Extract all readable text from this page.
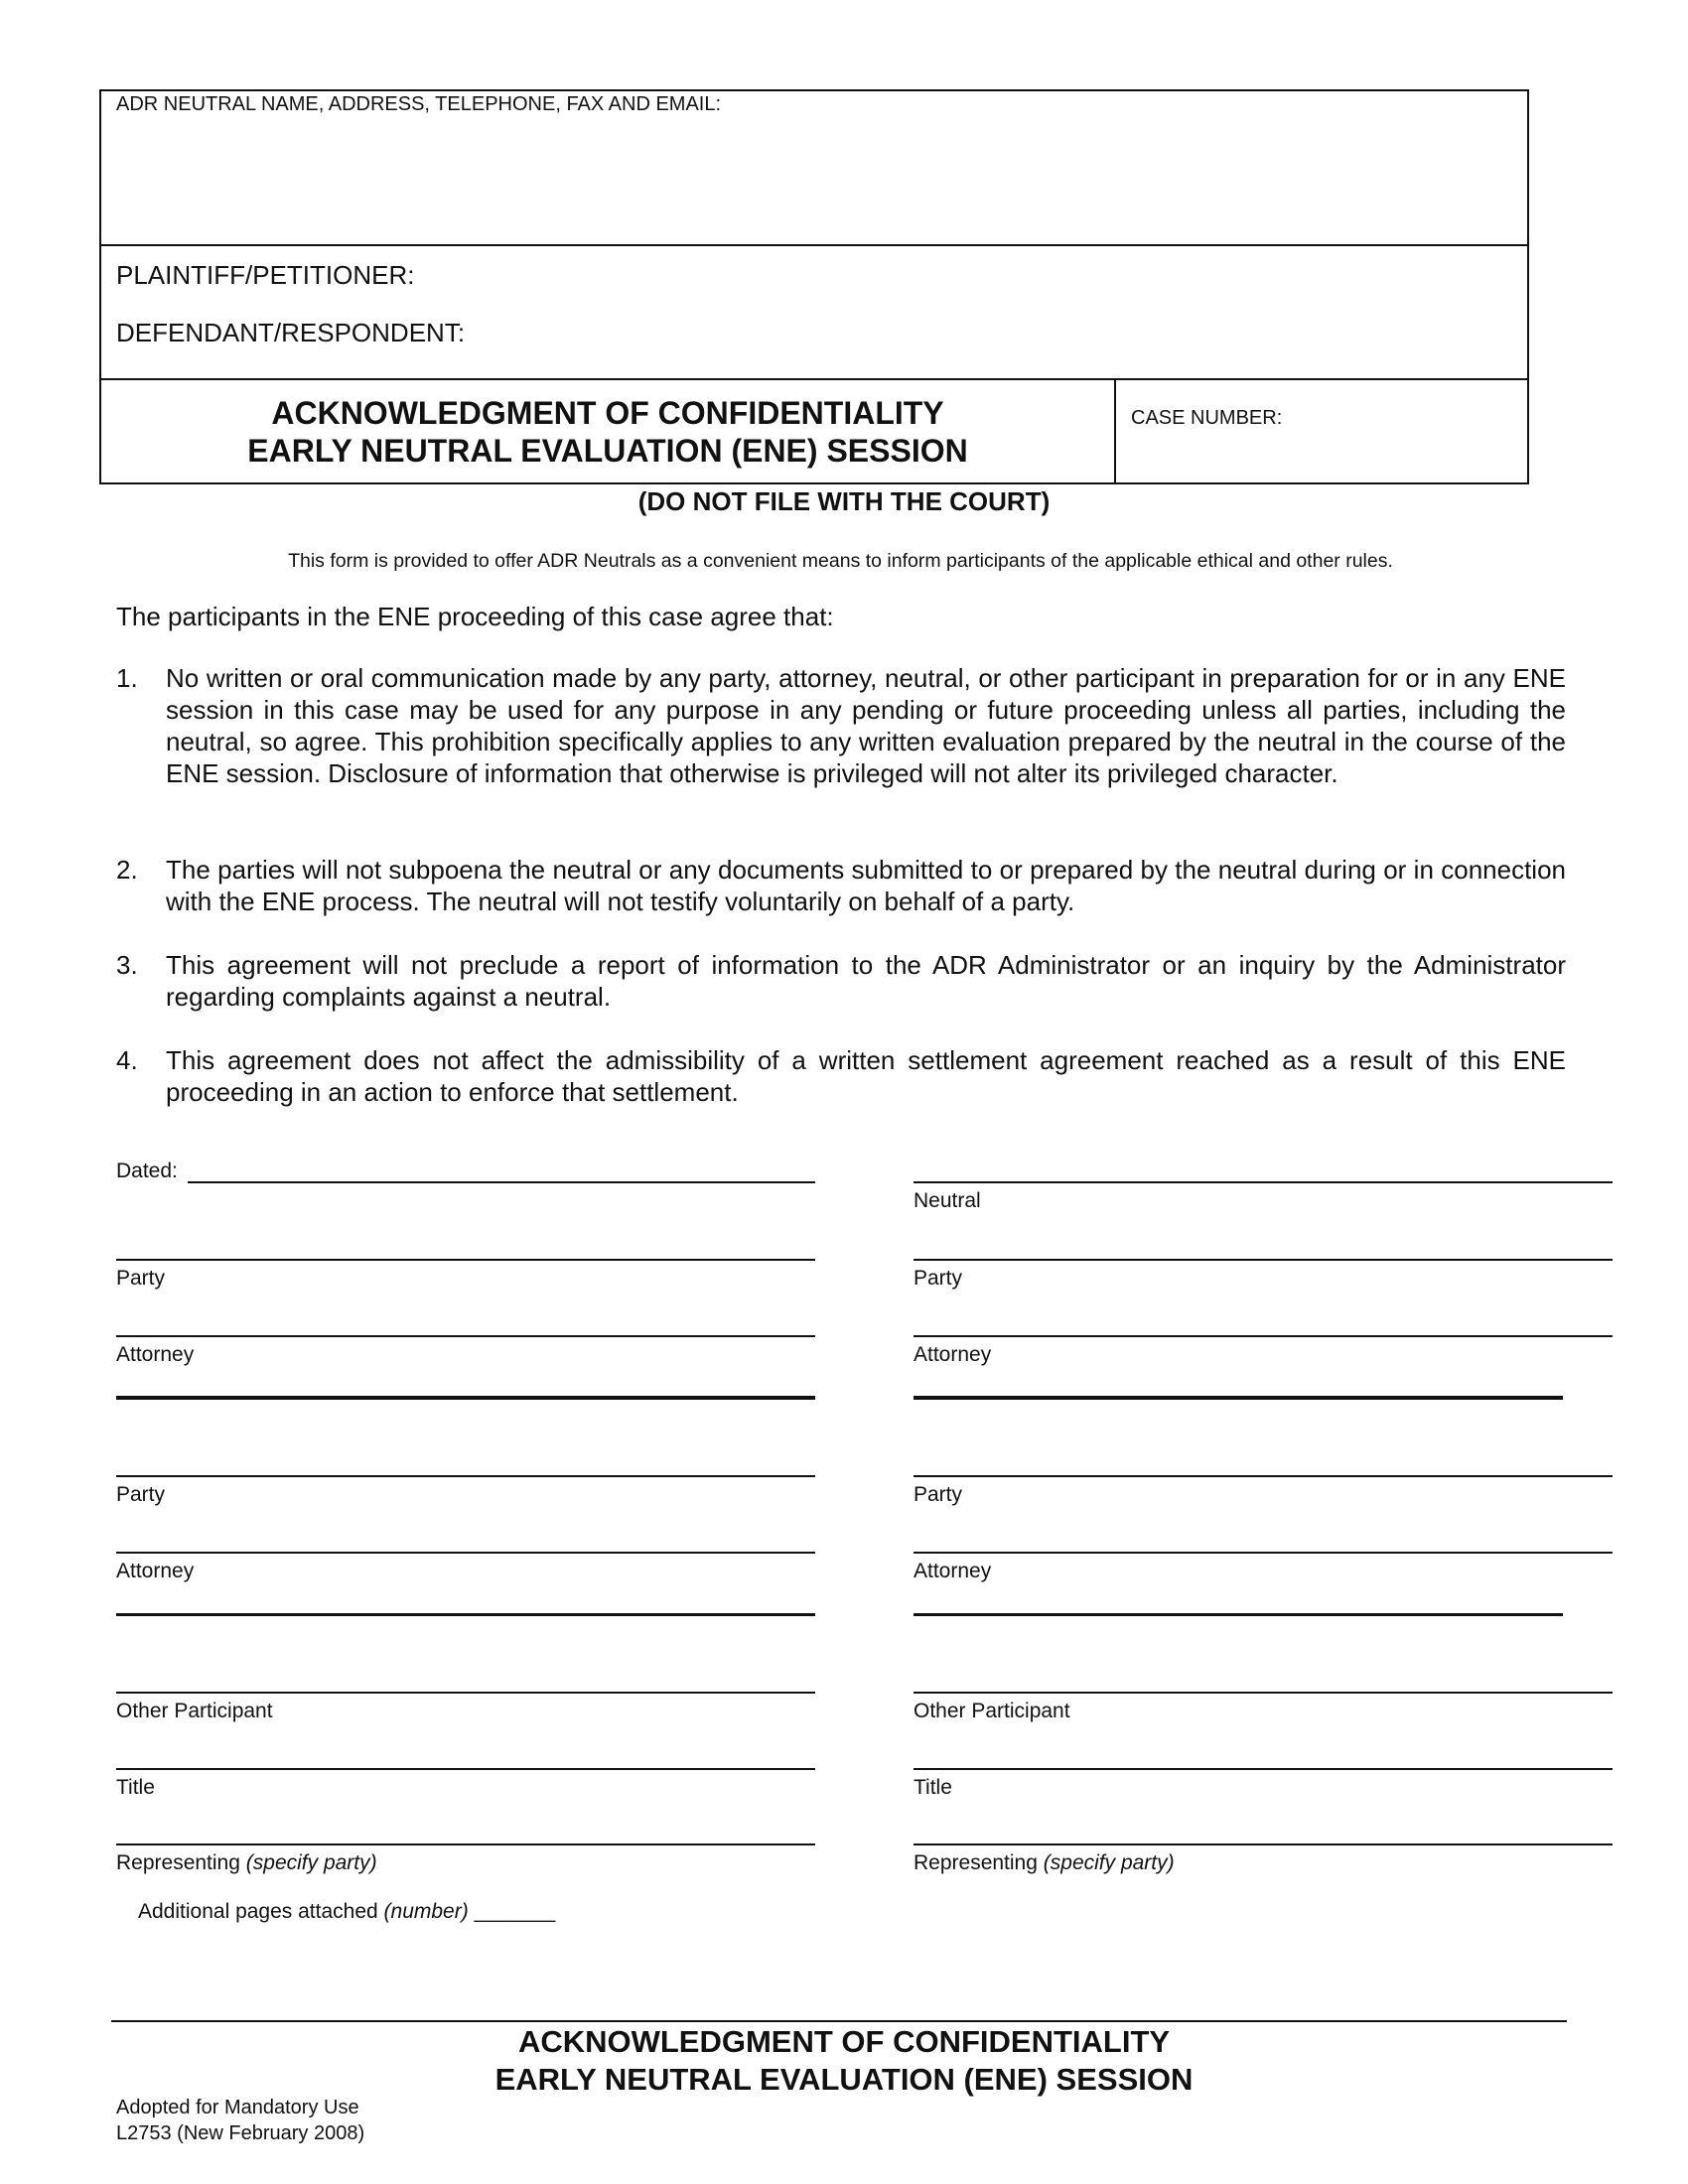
ADR NEUTRAL NAME, ADDRESS, TELEPHONE, FAX AND EMAIL:
PLAINTIFF/PETITIONER:
DEFENDANT/RESPONDENT:
ACKNOWLEDGMENT OF CONFIDENTIALITY
EARLY NEUTRAL EVALUATION (ENE) SESSION
CASE NUMBER:
(DO NOT FILE WITH THE COURT)
This form is provided to offer ADR Neutrals as a convenient means to inform participants of the applicable ethical and other rules.
The participants in the ENE proceeding of this case agree that:
1. No written or oral communication made by any party, attorney, neutral, or other participant in preparation for or in any ENE session in this case may be used for any purpose in any pending or future proceeding unless all parties, including the neutral, so agree. This prohibition specifically applies to any written evaluation prepared by the neutral in the course of the ENE session. Disclosure of information that otherwise is privileged will not alter its privileged character.
2. The parties will not subpoena the neutral or any documents submitted to or prepared by the neutral during or in connection with the ENE process. The neutral will not testify voluntarily on behalf of a party.
3. This agreement will not preclude a report of information to the ADR Administrator or an inquiry by the Administrator regarding complaints against a neutral.
4. This agreement does not affect the admissibility of a written settlement agreement reached as a result of this ENE proceeding in an action to enforce that settlement.
Dated:
Neutral
Party	Party
Attorney	Attorney
Party	Party
Attorney	Attorney
Other Participant	Other Participant
Title	Title
Representing (specify party)	Representing (specify party)
Additional pages attached (number) _______
ACKNOWLEDGMENT OF CONFIDENTIALITY
EARLY NEUTRAL EVALUATION (ENE) SESSION
Adopted for Mandatory Use
L2753 (New February 2008)
